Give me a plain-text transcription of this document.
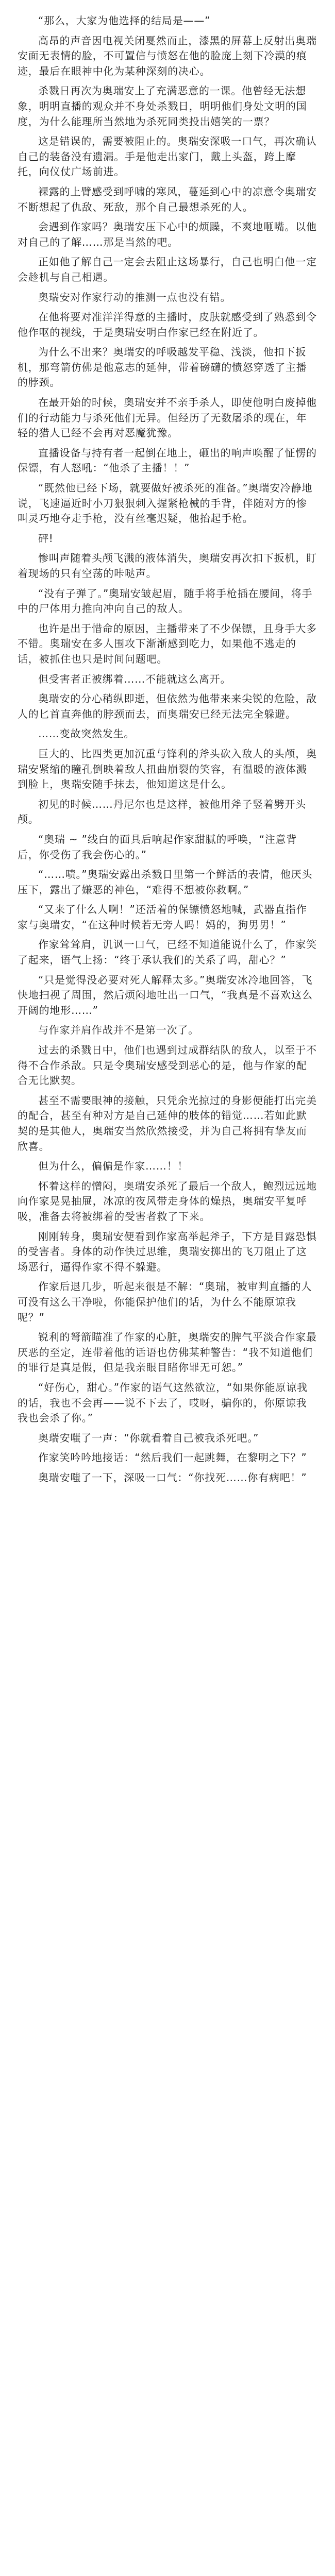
“那么，大家为他选择的结局是——”

高昂的声音因电视关闭戛然而止，漆黑的屏幕上反射出奥瑞安面无表情的脸，不可置信与愤怒在他的脸庞上刻下冷漠的痕迹，最后在眼神中化为某种深刻的决心。

杀戮日再次为奥瑞安上了充满恶意的一课。他曾经无法想象，明明直播的观众并不身处杀戮日，明明他们身处文明的国度，为什么能理所当然地为杀死同类投出嬉笑的一票？

这是错误的，需要被阻止的。奥瑞安深吸一口气，再次确认自己的装备没有遗漏。手是他走出家门，戴上头盔，跨上摩托，向仪仗广场前进。

裸露的上臂感受到呼啸的寒风，蔓延到心中的凉意令奥瑞安不断想起了仇敌、死敌，那个自己最想杀死的人。

会遇到作家吗？奥瑞安压下心中的烦躁，不爽地咂嘴。以他对自己的了解……那是当然的吧。

正如他了解自己一定会去阻止这场暴行，自己也明白他一定会趁机与自己相遇。

奥瑞安对作家行动的推测一点也没有错。

在他将要对准洋洋得意的主播时，皮肤就感受到了熟悉到令他作呕的视线，于是奥瑞安明白作家已经在附近了。

为什么不出来？奥瑞安的呼吸越发平稳、浅淡，他扣下扳机，那弯箭仿佛是他意志的延伸，带着磅礴的愤怒穿透了主播的脖颈。

在最开始的时候，奥瑞安并不亲手杀人，即使他明白废掉他们的行动能力与杀死他们无异。但经历了无数屠杀的现在，年轻的猎人已经不会再对恶魔犹豫。

直播设备与持有者一起倒在地上，砸出的响声唤醒了怔愣的保镖，有人怒吼：“他杀了主播！！”

“既然他已经下场，就要做好被杀死的准备。”奥瑞安冷静地说，飞速逼近时小刀狠狠刺入握紧枪械的手背，伴随对方的惨叫灵巧地夺走手枪，没有丝毫迟疑，他抬起手枪。

砰!

惨叫声随着头颅飞溅的液体消失，奥瑞安再次扣下扳机，盯着现场的只有空荡的咔哒声。

“没有子弹了。”奥瑞安皱起眉，随手将手枪插在腰间，将手中的尸体用力推向冲向自己的敌人。

也许是出于惜命的原因，主播带来了不少保镖，且身手大多不错。奥瑞安在多人围攻下渐渐感到吃力，如果他不逃走的话，被抓住也只是时间问题吧。

但受害者正被绑着……不能就这么离开。

奥瑞安的分心稍纵即逝，但依然为他带来来尖锐的危险，敌人的匕首直奔他的脖颈而去，而奥瑞安已经无法完全躲避。

……变故突然发生。

巨大的、比四类更加沉重与锋利的斧头砍入敌人的头颅，奥瑞安紧缩的瞳孔倒映着敌人扭曲崩裂的笑容，有温暖的液体溅到脸上，奥瑞安随手抹去，他知道这是什么。

初见的时候……丹尼尔也是这样，被他用斧子竖着劈开头颅。

“奥瑞 ~ ”线白的面具后响起作家甜腻的呼唤，“注意背后，你受伤了我会伤心的。”

“……啧。”奥瑞安露出杀戮日里第一个鲜活的表情，他厌头压下，露出了嫌恶的神色，“难得不想被你救啊。”

“又来了什么人啊！”还活着的保镖愤怒地喊，武器直指作家与奥瑞安，“在这种时候若无旁人吗！妈的，狗男男！”

作家耸耸肩，讥讽一口气，已经不知道能说什么了，作家笑了起来，语气上扬：“终于承认我们的关系了吗，甜心？”

“只是觉得没必要对死人解释太多。”奥瑞安冰冷地回答，飞快地扫视了周围，然后烦闷地吐出一口气，“我真是不喜欢这么开阔的地形……”

与作家并肩作战并不是第一次了。

过去的杀戮日中，他们也遇到过成群结队的敌人，以至于不得不合作杀敌。只是令奥瑞安感受到恶心的是，他与作家的配合无比默契。

甚至不需要眼神的接触，只凭余光掠过的身影便能打出完美的配合，甚至有种对方是自己延伸的肢体的错觉……若如此默契的是其他人，奥瑞安当然欣然接受，并为自己将拥有挚友而欣喜。

但为什么，偏偏是作家……！！

怀着这样的憎闷，奥瑞安杀死了最后一个敌人，鲍烈远远地向作家晃晃抽屉，冰凉的夜风带走身体的燥热，奥瑞安平复呼吸，准备去将被绑着的受害者救了下来。

刚刚转身，奥瑞安便看到作家高举起斧子，下方是目露恐惧的受害者。身体的动作快过思维，奥瑞安掷出的飞刀阻止了这场恶行，逼得作家不得不躲避。

作家后退几步，听起来很是不解：“奥瑞，被审判直播的人可没有这么干净啦，你能保护他们的话，为什么不能原谅我呢？”

锐利的弩箭瞄准了作家的心脏，奥瑞安的脾气平淡合作家最厌恶的至定，连带着他的话语也仿佛某种警告：“我不知道他们的罪行是真是假，但是我亲眼目睹你罪无可恕。”

“好伤心，甜心。”作家的语气这然欲泣，“如果你能原谅我的话，我也不会再——说不下去了，哎呀，骗你的，你原谅我我也会杀了你。”

奥瑞安嗤了一声：“你就看着自己被我杀死吧。”

作家笑吟吟地接话：“然后我们一起跳舞，在黎明之下？”

奥瑞安嗤了一下，深吸一口气：“你找死……你有病吧！”
